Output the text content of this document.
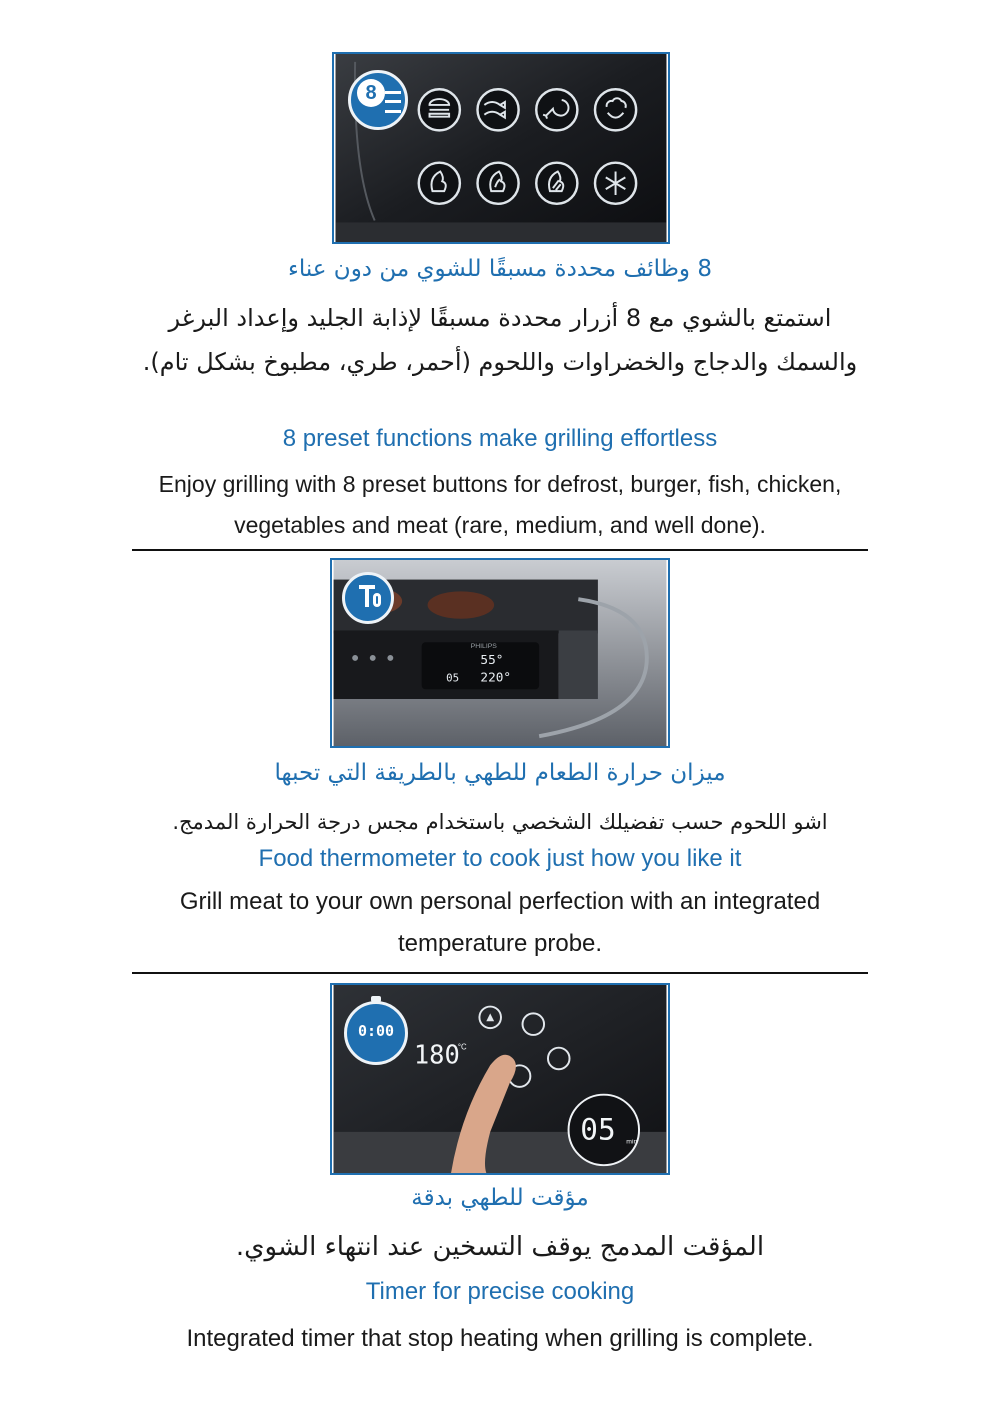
8

8 وظائف محددة مسبقًا للشوي من دون عناء

استمتع بالشوي مع 8 أزرار محددة مسبقًا لإذابة الجليد وإعداد البرغر والسمك والدجاج والخضراوات واللحوم (أحمر، طري، مطبوخ بشكل تام).

8 preset functions make grilling effortless

Enjoy grilling with 8 preset buttons for defrost, burger, fish, chicken, vegetables and meat (rare, medium, and well done).

PHILIPS
55°
05 220°

ميزان حرارة الطعام للطهي بالطريقة التي تحبها

اشو اللحوم حسب تفضيلك الشخصي باستخدام مجس درجة الحرارة المدمج.

Food thermometer to cook just how you like it

Grill meat to your own personal perfection with an integrated temperature probe.

180
°C
05 min
0:00

مؤقت للطهي بدقة

المؤقت المدمج يوقف التسخين عند انتهاء الشوي.

Timer for precise cooking

Integrated timer that stop heating when grilling is complete.
